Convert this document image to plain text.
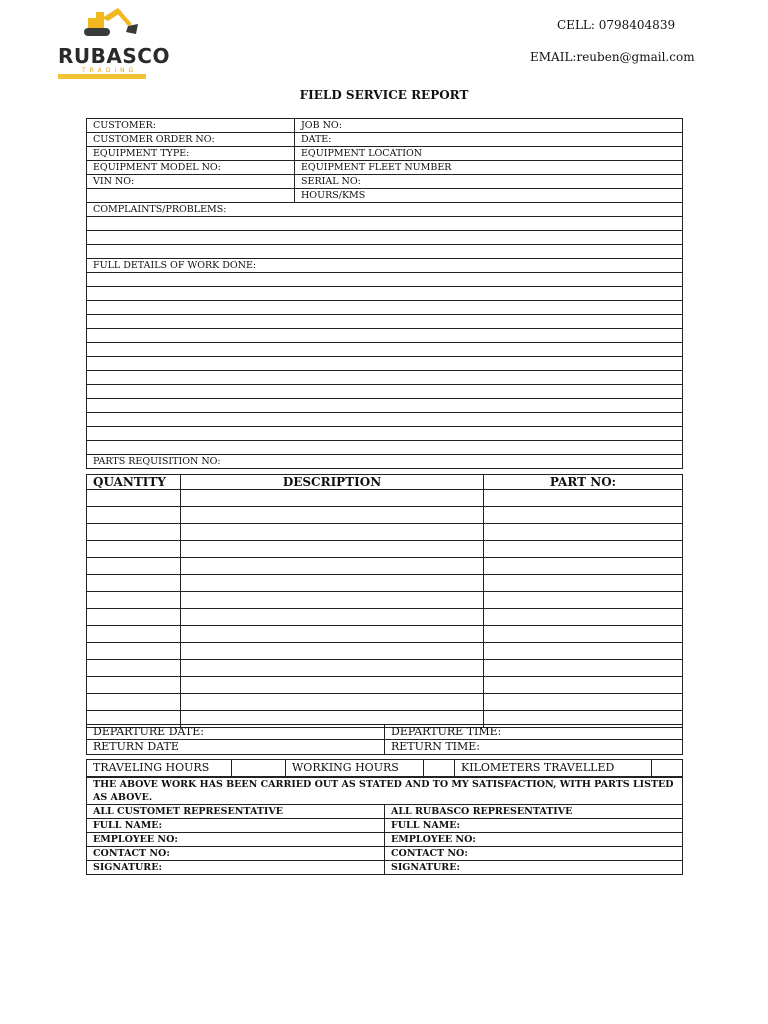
RUBASCO
TRADING
CELL: 0798404839
EMAIL:reuben@gmail.com
FIELD SERVICE REPORT
CUSTOMER:	JOB NO:
CUSTOMER ORDER NO:	DATE:
EQUIPMENT TYPE:	EQUIPMENT LOCATION
EQUIPMENT MODEL NO:	EQUIPMENT FLEET NUMBER
VIN NO:	SERIAL NO:
	HOURS/KMS
COMPLAINTS/PROBLEMS:	

FULL DETAILS OF WORK DONE:	

PARTS REQUISITION NO:	
QUANTITY	DESCRIPTION	PART NO:

DEPARTURE DATE:	DEPARTURE TIME:
RETURN DATE	RETURN TIME:
TRAVELING HOURS		WORKING HOURS		KILOMETERS TRAVELLED	
THE ABOVE WORK HAS BEEN CARRIED OUT AS STATED AND TO MY SATISFACTION, WITH PARTS LISTED AS ABOVE.	
ALL CUSTOMET REPRESENTATIVE	ALL RUBASCO REPRESENTATIVE
FULL NAME:	FULL NAME:
EMPLOYEE NO:	EMPLOYEE NO:
CONTACT NO:	CONTACT NO:
SIGNATURE:	SIGNATURE:
